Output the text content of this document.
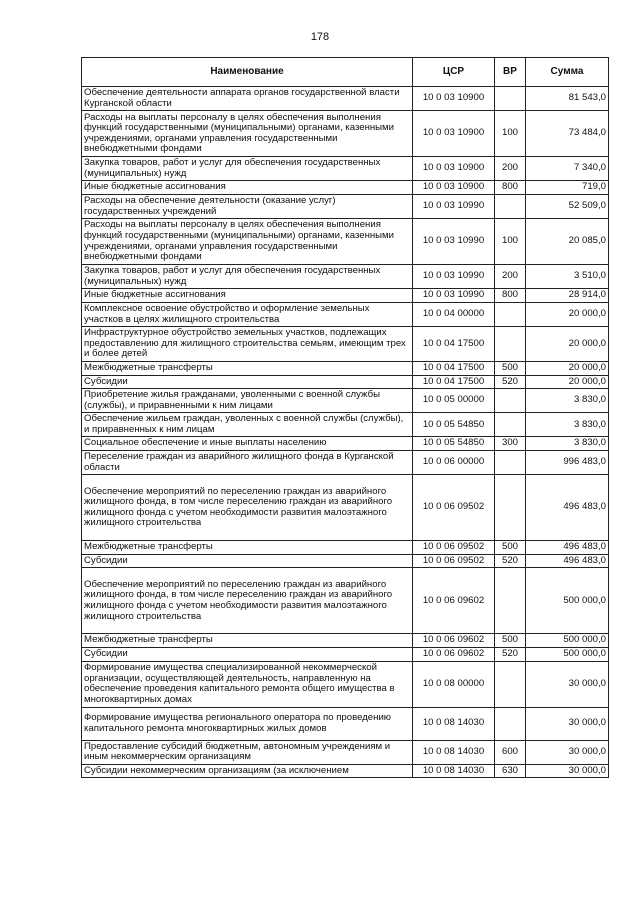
178
Наименование	ЦСР	ВР	Сумма
Обеспечение деятельности аппарата органов государственной власти Курганской области	10 0 03 10900		81 543,0
Расходы на выплаты персоналу в целях обеспечения выполнения функций государственными (муниципальными) органами, казенными учреждениями, органами управления государственными внебюджетными фондами	10 0 03 10900	100	73 484,0
Закупка товаров, работ и услуг для обеспечения государственных (муниципальных) нужд	10 0 03 10900	200	7 340,0
Иные бюджетные ассигнования	10 0 03 10900	800	719,0
Расходы на обеспечение деятельности (оказание услуг) государственных учреждений	10 0 03 10990		52 509,0
Расходы на выплаты персоналу в целях обеспечения выполнения функций государственными (муниципальными) органами, казенными учреждениями, органами управления государственными внебюджетными фондами	10 0 03 10990	100	20 085,0
Закупка товаров, работ и услуг для обеспечения государственных (муниципальных) нужд	10 0 03 10990	200	3 510,0
Иные бюджетные ассигнования	10 0 03 10990	800	28 914,0
Комплексное освоение обустройство и оформление земельных участков в целях жилищного строительства	10 0 04 00000		20 000,0
Инфраструктурное обустройство земельных участков, подлежащих предоставлению для жилищного строительства семьям, имеющим трех и более детей	10 0 04 17500		20 000,0
Межбюджетные трансферты	10 0 04 17500	500	20 000,0
Субсидии	10 0 04 17500	520	20 000,0
Приобретение жилья гражданами, уволенными с военной службы (службы), и приравненными к ним лицами	10 0 05 00000		3 830,0
Обеспечение жильем граждан, уволенных с военной службы (службы), и приравненных к ним лицам	10 0 05 54850		3 830,0
Социальное обеспечение и иные выплаты населению	10 0 05 54850	300	3 830,0
Переселение граждан из аварийного жилищного фонда в Курганской области	10 0 06 00000		996 483,0
Обеспечение мероприятий по переселению граждан из аварийного жилищного фонда, в том числе переселению граждан из аварийного жилищного фонда с учетом необходимости развития малоэтажного жилищного строительства	10 0 06 09502		496 483,0
Межбюджетные трансферты	10 0 06 09502	500	496 483,0
Субсидии	10 0 06 09502	520	496 483,0
Обеспечение мероприятий по переселению граждан из аварийного жилищного фонда, в том числе переселению граждан из аварийного жилищного фонда с учетом необходимости развития малоэтажного жилищного строительства	10 0 06 09602		500 000,0
Межбюджетные трансферты	10 0 06 09602	500	500 000,0
Субсидии	10 0 06 09602	520	500 000,0
Формирование имущества специализированной некоммерческой организации, осуществляющей деятельность, направленную на обеспечение проведения капитального ремонта общего имущества в многоквартирных домах	10 0 08 00000		30 000,0
Формирование имущества регионального оператора по проведению капитального ремонта многоквартирных жилых домов	10 0 08 14030		30 000,0
Предоставление субсидий бюджетным, автономным учреждениям и иным некоммерческим организациям	10 0 08 14030	600	30 000,0
Субсидии некоммерческим организациям (за исключением	10 0 08 14030	630	30 000,0
